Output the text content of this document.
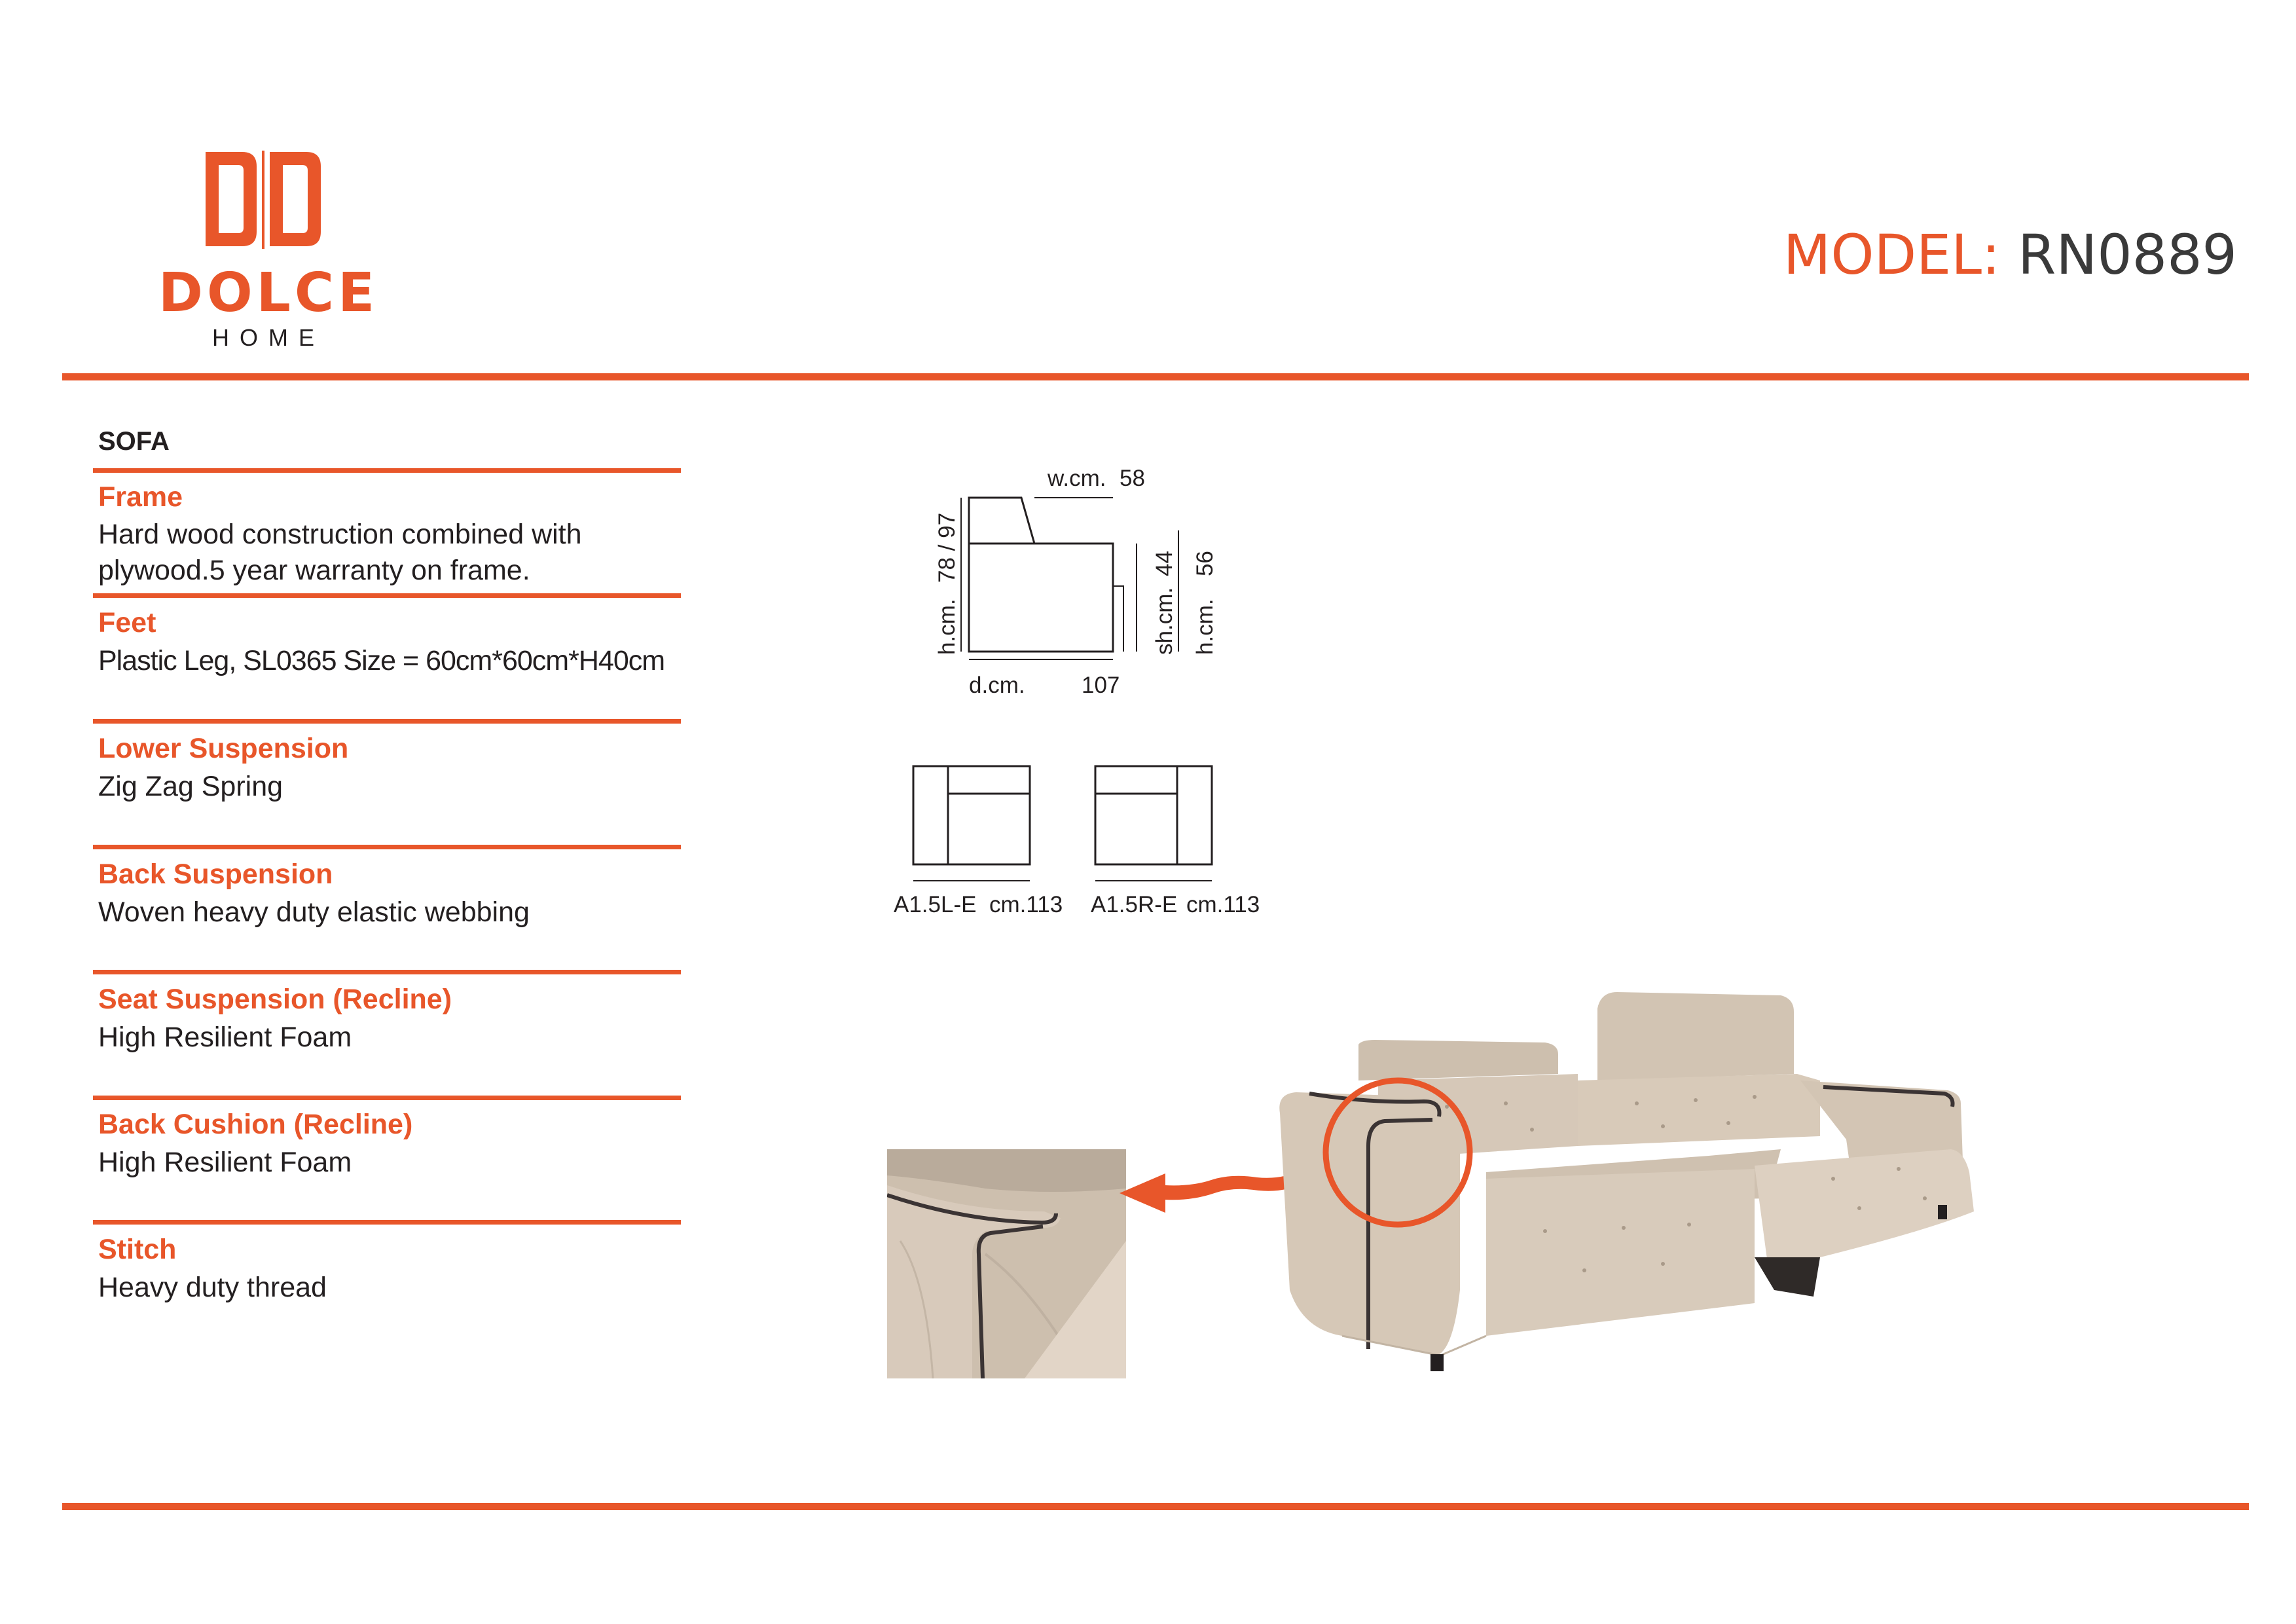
DOLCE
HOME
MODEL: RN0889
SOFA
Frame
Hard wood construction combined with
plywood.5 year warranty on frame.
Feet
Plastic Leg, SL0365 Size = 60cm*60cm*H40cm
Lower Suspension
Zig Zag Spring
Back Suspension
Woven heavy duty elastic webbing
Seat Suspension (Recline)
High Resilient Foam
Back Cushion (Recline)
High Resilient Foam
Stitch
Heavy duty thread
w.cm. 58
d.cm. 107
h.cm.
78 / 97
sh.cm.
44
h.cm.
56
A1.5L-E cm.113 A1.5R-E cm.113
